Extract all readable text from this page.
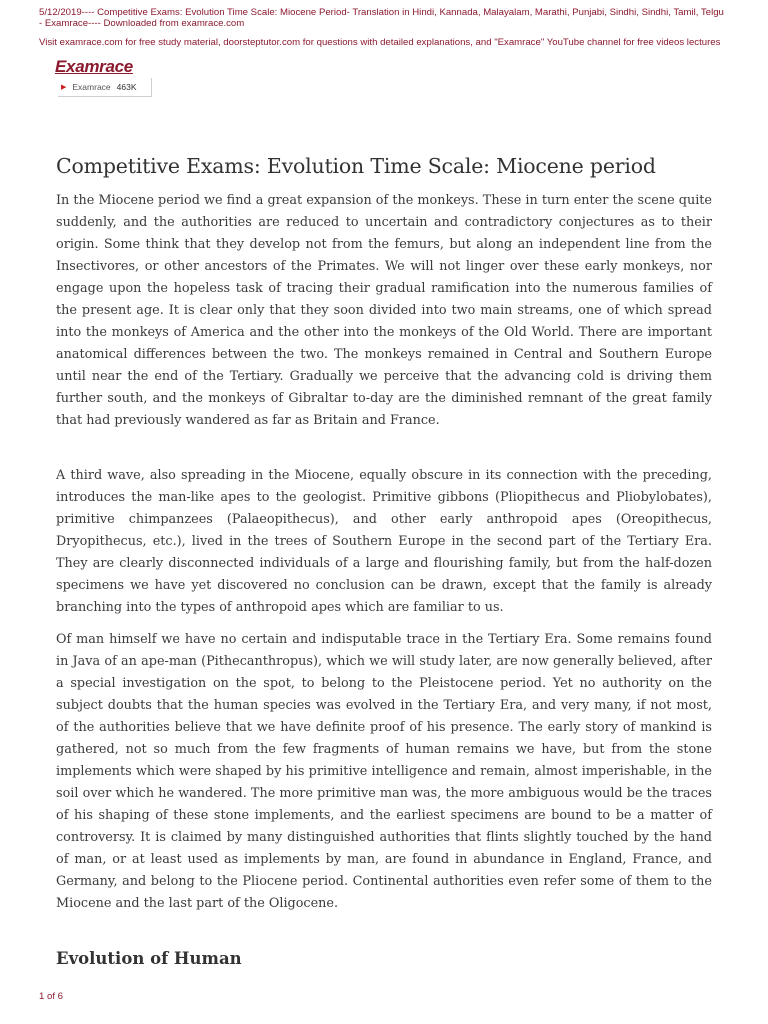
5/12/2019---- Competitive Exams: Evolution Time Scale: Miocene Period- Translation in Hindi, Kannada, Malayalam, Marathi, Punjabi, Sindhi, Sindhi, Tamil, Telgu - Examrace---- Downloaded from examrace.com
Visit examrace.com for free study material, doorsteptutor.com for questions with detailed explanations, and "Examrace" YouTube channel for free videos lectures
Examrace
▶ Examrace 463K
Competitive Exams: Evolution Time Scale: Miocene period

In the Miocene period we find a great expansion of the monkeys. These in turn enter the scene quite suddenly, and the authorities are reduced to uncertain and contradictory conjectures as to their origin. Some think that they develop not from the femurs, but along an independent line from the Insectivores, or other ancestors of the Primates. We will not linger over these early monkeys, nor engage upon the hopeless task of tracing their gradual ramification into the numerous families of the present age. It is clear only that they soon divided into two main streams, one of which spread into the monkeys of America and the other into the monkeys of the Old World. There are important anatomical differences between the two. The monkeys remained in Central and Southern Europe until near the end of the Tertiary. Gradually we perceive that the advancing cold is driving them further south, and the monkeys of Gibraltar to-day are the diminished remnant of the great family that had previously wandered as far as Britain and France.

A third wave, also spreading in the Miocene, equally obscure in its connection with the preceding, introduces the man-like apes to the geologist. Primitive gibbons (Pliopithecus and Pliobylobates), primitive chimpanzees (Palaeopithecus), and other early anthropoid apes (Oreopithecus, Dryopithecus, etc.), lived in the trees of Southern Europe in the second part of the Tertiary Era. They are clearly disconnected individuals of a large and flourishing family, but from the half-dozen specimens we have yet discovered no conclusion can be drawn, except that the family is already branching into the types of anthropoid apes which are familiar to us.

Of man himself we have no certain and indisputable trace in the Tertiary Era. Some remains found in Java of an ape-man (Pithecanthropus), which we will study later, are now generally believed, after a special investigation on the spot, to belong to the Pleistocene period. Yet no authority on the subject doubts that the human species was evolved in the Tertiary Era, and very many, if not most, of the authorities believe that we have definite proof of his presence. The early story of mankind is gathered, not so much from the few fragments of human remains we have, but from the stone implements which were shaped by his primitive intelligence and remain, almost imperishable, in the soil over which he wandered. The more primitive man was, the more ambiguous would be the traces of his shaping of these stone implements, and the earliest specimens are bound to be a matter of controversy. It is claimed by many distinguished authorities that flints slightly touched by the hand of man, or at least used as implements by man, are found in abundance in England, France, and Germany, and belong to the Pliocene period. Continental authorities even refer some of them to the Miocene and the last part of the Oligocene.

Evolution of Human
1 of 6
